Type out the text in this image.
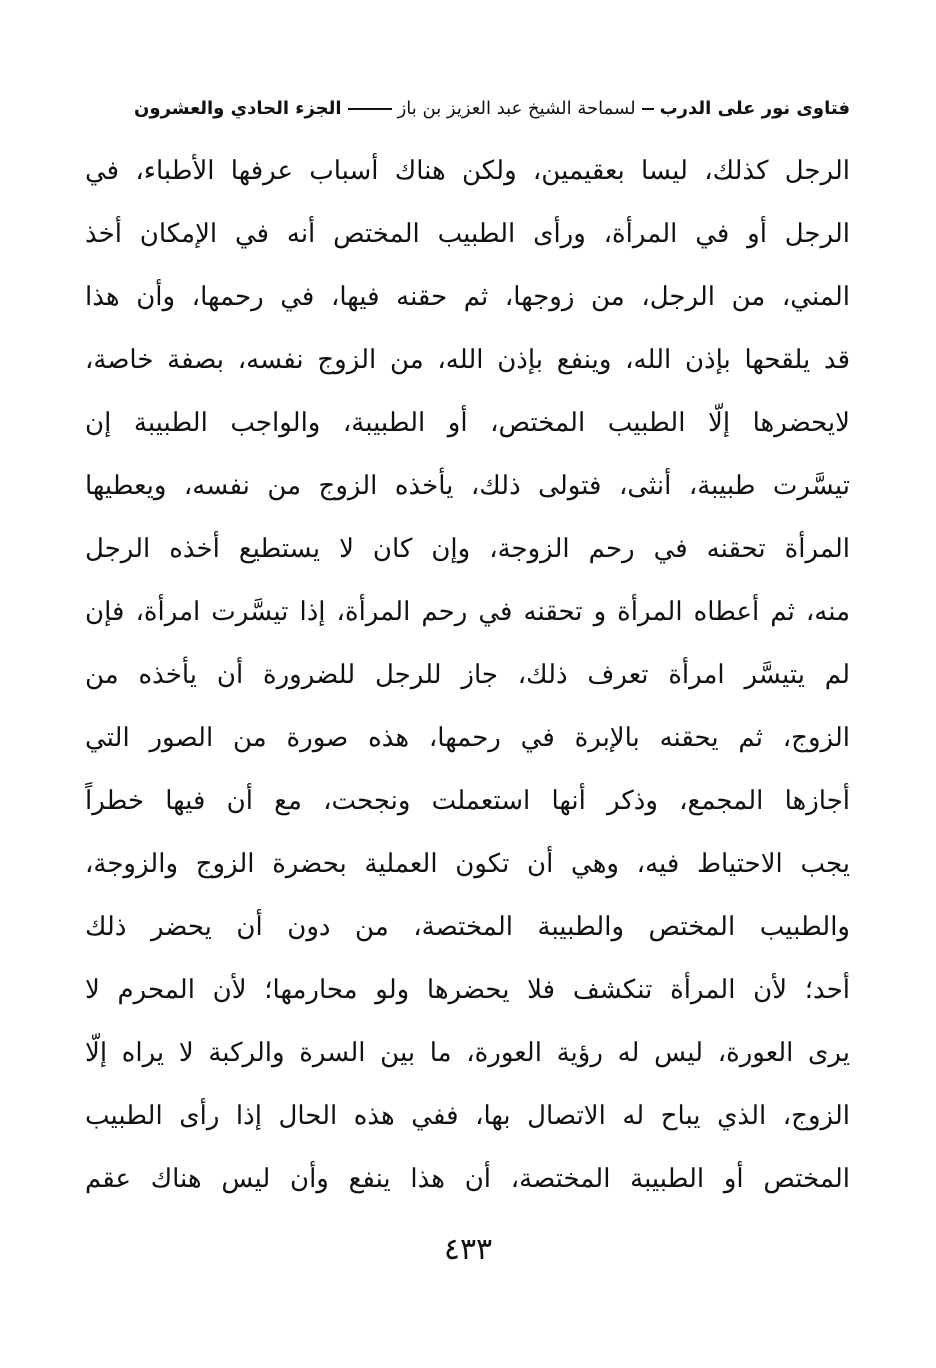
فتاوى نور على الدربلسماحة الشيخ عبد العزيز بن بازالجزء الحادي والعشرون
الرجل كذلك، ليسا بعقيمين، ولكن هناك أسباب عرفها الأطباء، في
الرجل أو في المرأة، ورأى الطبيب المختص أنه في الإمكان أخذ
المني، من الرجل، من زوجها، ثم حقنه فيها، في رحمها، وأن هذا
قد يلقحها بإذن الله، وينفع بإذن الله، من الزوج نفسه، بصفة خاصة،
لايحضرها إلّا الطبيب المختص، أو الطبيبة، والواجب الطبيبة إن
تيسَّرت طبيبة، أنثى، فتولى ذلك، يأخذه الزوج من نفسه، ويعطيها
المرأة تحقنه في رحم الزوجة، وإن كان لا يستطيع أخذه الرجل
منه، ثم أعطاه المرأة و تحقنه في رحم المرأة، إذا تيسَّرت امرأة، فإن
لم يتيسَّر امرأة تعرف ذلك، جاز للرجل للضرورة أن يأخذه من
الزوج، ثم يحقنه بالإبرة في رحمها، هذه صورة من الصور التي
أجازها المجمع، وذكر أنها استعملت ونجحت، مع أن فيها خطراً
يجب الاحتياط فيه، وهي أن تكون العملية بحضرة الزوج والزوجة،
والطبيب المختص والطبيبة المختصة، من دون أن يحضر ذلك
أحد؛ لأن المرأة تنكشف فلا يحضرها ولو محارمها؛ لأن المحرم لا
يرى العورة، ليس له رؤية العورة، ما بين السرة والركبة لا يراه إلّا
الزوج، الذي يباح له الاتصال بها، ففي هذه الحال إذا رأى الطبيب
المختص أو الطبيبة المختصة، أن هذا ينفع وأن ليس هناك عقم
٤٣٣
